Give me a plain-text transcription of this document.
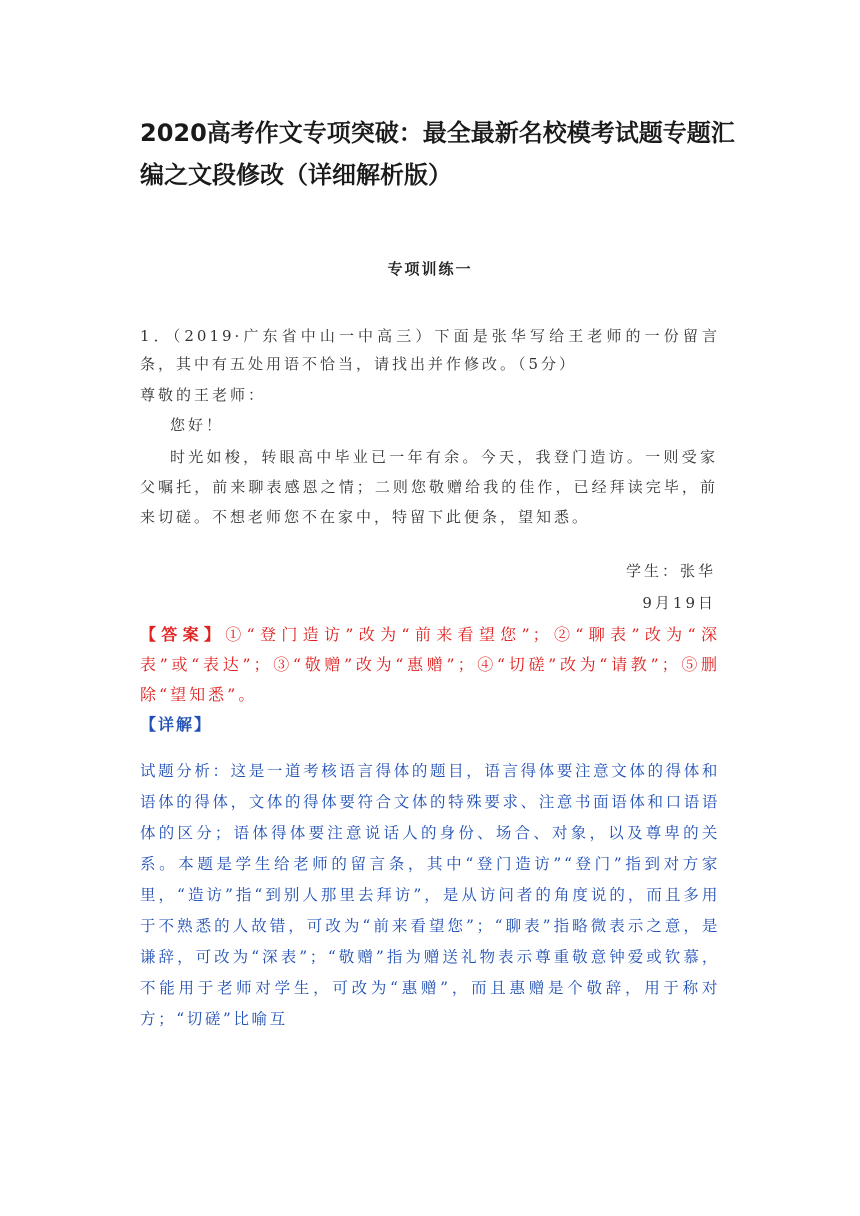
2020高考作文专项突破：最全最新名校模考试题专题汇编之文段修改（详细解析版）
专项训练一
1．（2019·广东省中山一中高三）下面是张华写给王老师的一份留言条，其中有五处用语不恰当，请找出并作修改。（5分）
尊敬的王老师：
您好！
时光如梭，转眼高中毕业已一年有余。今天，我登门造访。一则受家父嘱托，前来聊表感恩之情；二则您敬赠给我的佳作，已经拜读完毕，前来切磋。不想老师您不在家中，特留下此便条，望知悉。
学生：张华
9月19日
【答案】①“登门造访”改为“前来看望您”；②“聊表”改为“深表”或“表达”；③“敬赠”改为“惠赠”；④“切磋”改为“请教”；⑤删除“望知悉”。
【详解】
试题分析：这是一道考核语言得体的题目，语言得体要注意文体的得体和语体的得体，文体的得体要符合文体的特殊要求、注意书面语体和口语语体的区分；语体得体要注意说话人的身份、场合、对象，以及尊卑的关系。本题是学生给老师的留言条，其中“登门造访”“登门”指到对方家里，“造访”指“到别人那里去拜访”，是从访问者的角度说的，而且多用于不熟悉的人故错，可改为“前来看望您”；“聊表”指略微表示之意，是谦辞，可改为“深表”；“敬赠”指为赠送礼物表示尊重敬意钟爱或钦慕，不能用于老师对学生，可改为“惠赠”，而且惠赠是个敬辞，用于称对方；“切磋”比喻互
